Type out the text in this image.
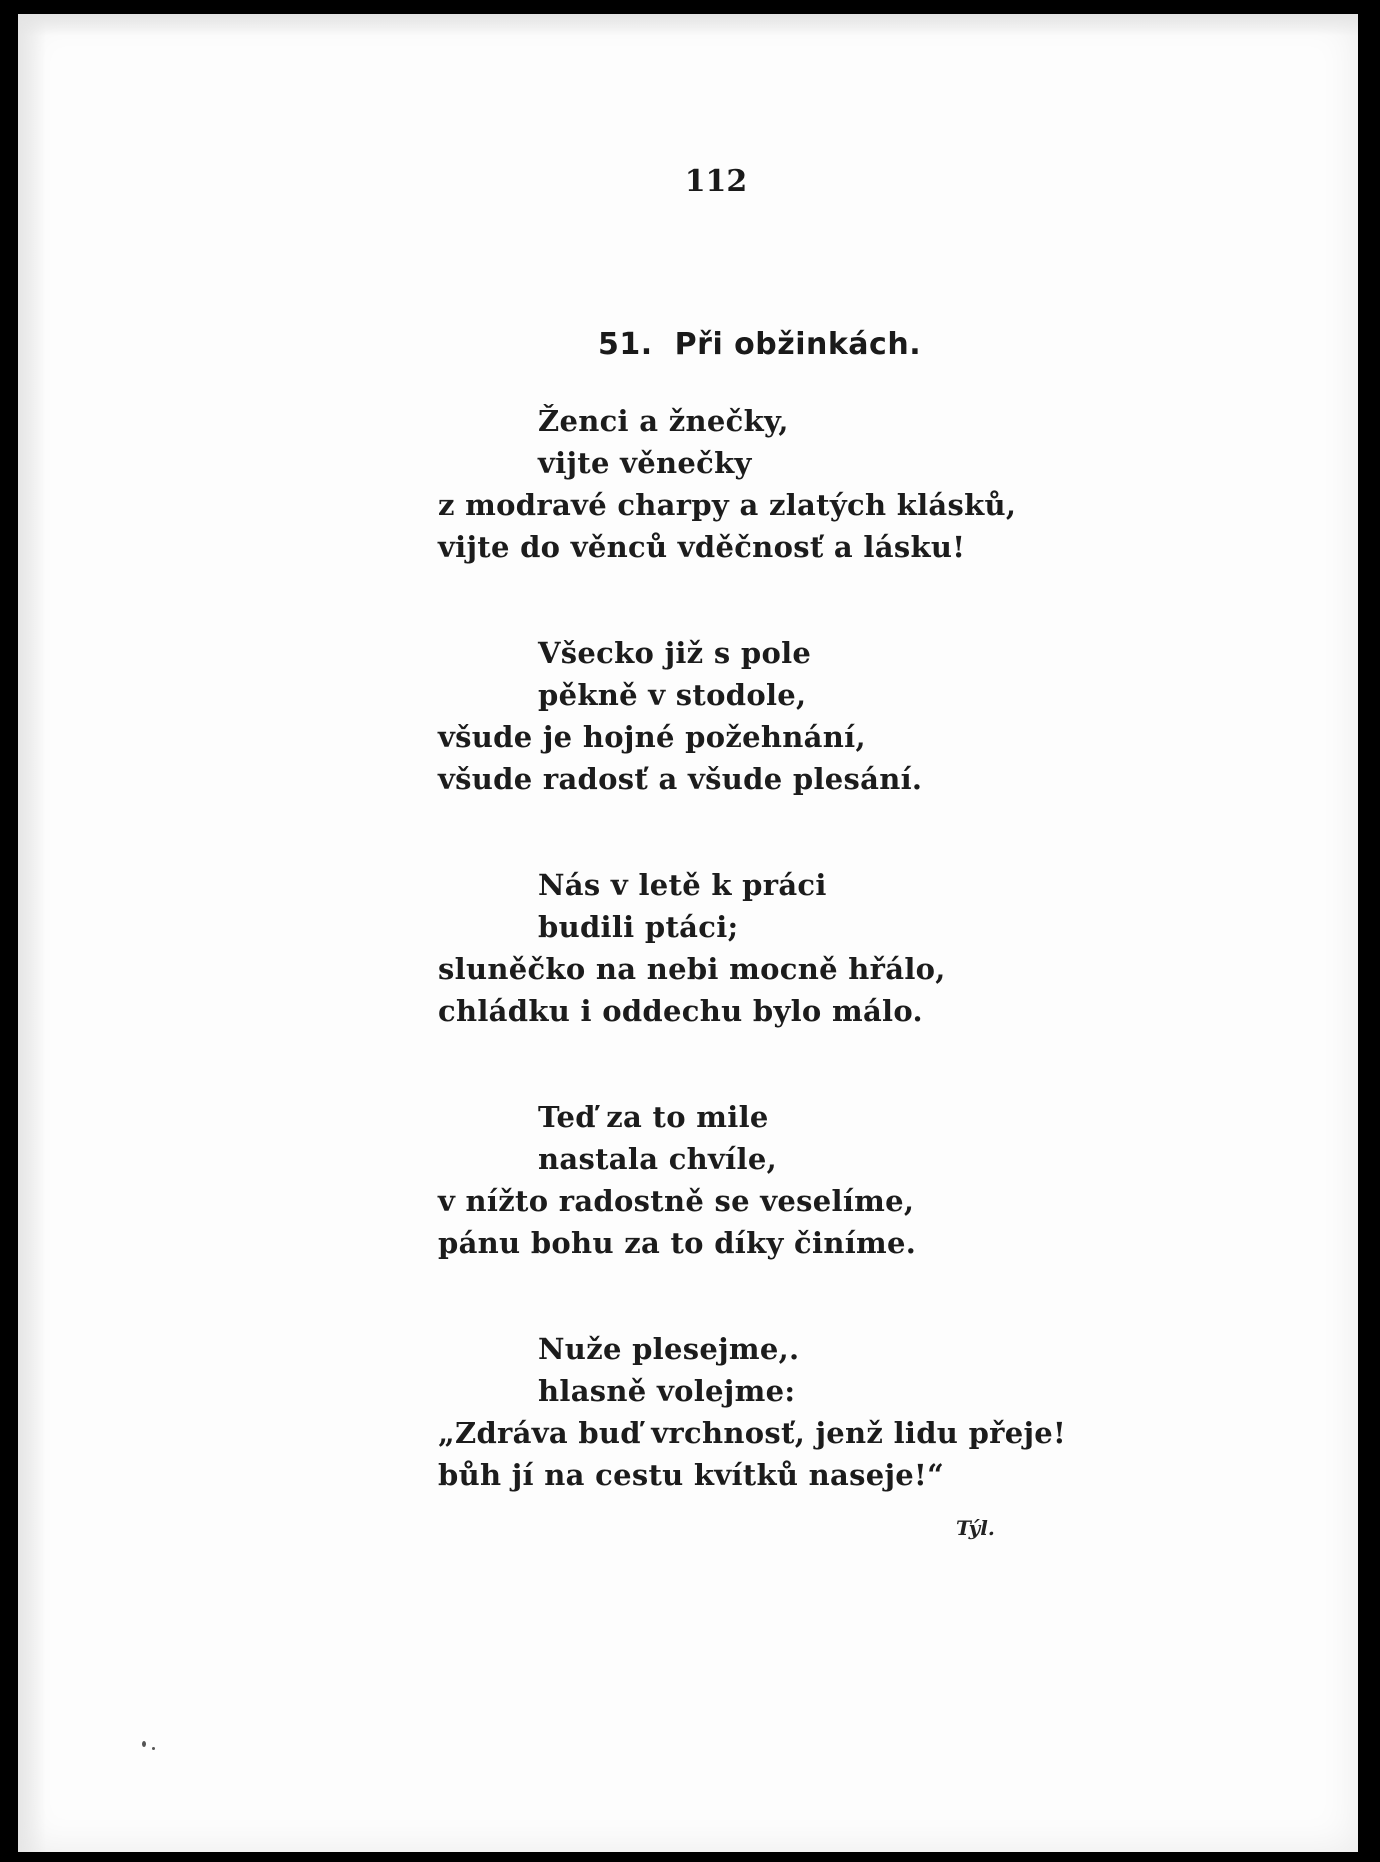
112
51. Při obžinkách.
Ženci a žnečky,
vijte věnečky
z modravé charpy a zlatých klásků,
vijte do věnců vděčnosť a lásku!
Všecko již s pole
pěkně v stodole,
všude je hojné požehnání,
všude radosť a všude plesání.
Nás v letě k práci
budili ptáci;
sluněčko na nebi mocně hřálo,
chládku i oddechu bylo málo.
Teď za to mile
nastala chvíle,
v nížto radostně se veselíme,
pánu bohu za to díky činíme.
Nuže plesejme,.
hlasně volejme:
„Zdráva buď vrchnosť, jenž lidu přeje!
bůh jí na cestu kvítků naseje!“
Týl.
